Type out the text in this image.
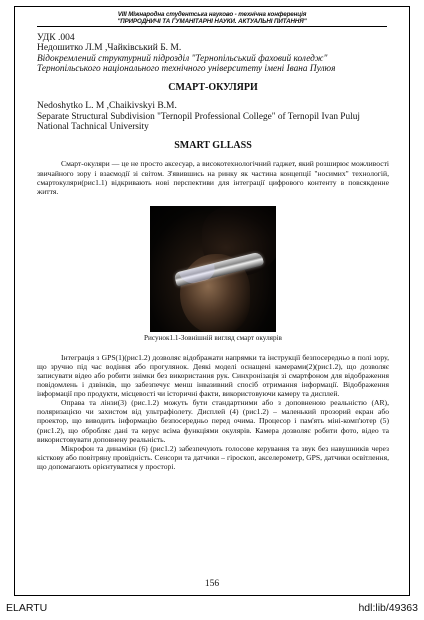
VIII Міжнародна студентська науково - технічна конференція
"ПРИРОДНИЧІ ТА ГУМАНІТАРНІ НАУКИ. АКТУАЛЬНІ ПИТАННЯ"
УДК .004
Недошитко Л.М ,Чайківський Б. М.
Відокремлений структурний підрозділ "Тернопільський фаховий коледж" Тернопільського національного технічного університету імені Івана Пулюя
СМАРТ-ОКУЛЯРИ
Nedoshytko L. M ,Chaikivskyi B.M.
Separate Structural Subdivision "Ternopil Professional College" of Ternopil Ivan Puluj National Tachnical University
SMART GLLASS

Смарт-окуляри — це не просто аксесуар, а високотехнологічний гаджет, який розширює можливості звичайного зору і взаємодії зі світом. З'явившись на ринку як частина концепції "носимих" технологій, смартокуляри(рис1.1) відкривають нові перспективи для інтеграції цифрового контенту в повсякденне життя.

Рисунок1.1-Зовнішній вигляд смарт окулярів

Інтеграція з GPS(1)(рис1.2) дозволяє відображати напрямки та інструкції безпосередньо в полі зору, що зручно під час водіння або прогулянок. Деякі моделі оснащені камерами(2)(рис1.2), що дозволяє записувати відео або робити знімки без використання рук. Синхронізація зі смартфоном для відображення повідомлень і дзвінків, що забезпечує менш інвазивний спосіб отримання інформації. Відображення інформації про продукти, місцевості чи історичні факти, використовуючи камеру та дисплей.

Оправа та лінзи(3) (рис.1.2) можуть бути стандартними або з доповненою реальністю (AR), поляризацією чи захистом від ультрафіолету. Дисплей (4) (рис1.2) – маленький прозорий екран або проектор, що виводить інформацію безпосередньо перед очима. Процесор і пам'ять міні-комп'ютер (5) (рис1.2), що обробляє дані та керує всіма функціями окулярів. Камера дозволяє робити фото, відео та використовувати доповнену реальність.

Мікрофон та динаміки (6) (рис1.2) забезпечують голосове керування та звук без навушників через кісткову або повітряну провідність. Сенсори та датчики – гіроскоп, акселерометр, GPS, датчики освітлення, що допомагають орієнтуватися у просторі.

156
ELARTU	hdl:lib/49363
